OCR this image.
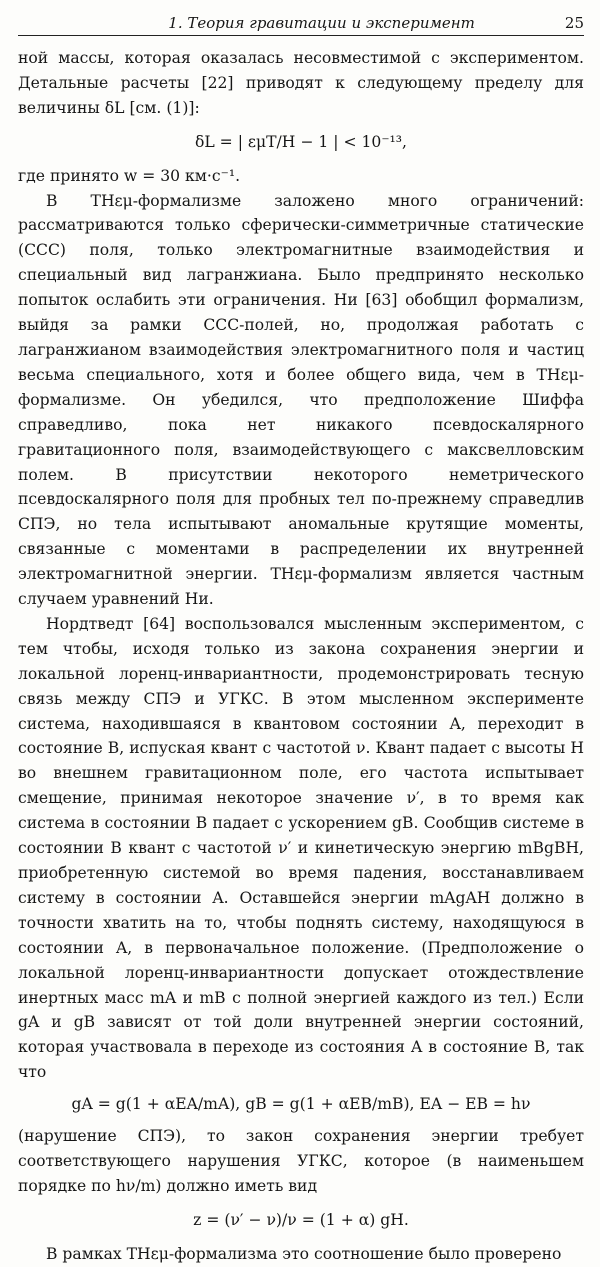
1. Теория гравитации и эксперимент	25

ной массы, которая оказалась несовместимой с экспериментом. Детальные расчеты [22] приводят к следующему пределу для величины δL [см. (1)]:

δL = | εμT/H − 1 | < 10⁻¹³,

где принято w = 30 км·с⁻¹.

В THεμ-формализме заложено много ограничений: рассматриваются только сферически-симметричные статические (ССС) поля, только электромагнитные взаимодействия и специальный вид лагранжиана. Было предпринято несколько попыток ослабить эти ограничения. Ни [63] обобщил формализм, выйдя за рамки ССС-полей, но, продолжая работать с лагранжианом взаимодействия электромагнитного поля и частиц весьма специального, хотя и более общего вида, чем в THεμ-формализме. Он убедился, что предположение Шиффа справедливо, пока нет никакого псевдоскалярного гравитационного поля, взаимодействующего с максвелловским полем. В присутствии некоторого неметрического псевдоскалярного поля для пробных тел по-прежнему справедлив СПЭ, но тела испытывают аномальные крутящие моменты, связанные с моментами в распределении их внутренней электромагнитной энергии. THεμ-формализм является частным случаем уравнений Ни.

Нордтведт [64] воспользовался мысленным экспериментом, с тем чтобы, исходя только из закона сохранения энергии и локальной лоренц-инвариантности, продемонстрировать тесную связь между СПЭ и УГКС. В этом мысленном эксперименте система, находившаяся в квантовом состоянии A, переходит в состояние B, испуская квант с частотой ν. Квант падает с высоты H во внешнем гравитационном поле, его частота испытывает смещение, принимая некоторое значение ν′, в то время как система в состоянии B падает с ускорением gB. Сообщив системе в состоянии B квант с частотой ν′ и кинетическую энергию mBgBH, приобретенную системой во время падения, восстанавливаем систему в состоянии A. Оставшейся энергии mAgAH должно в точности хватить на то, чтобы поднять систему, находящуюся в состоянии A, в первоначальное положение. (Предположение о локальной лоренц-инвариантности допускает отождествление инертных масс mA и mB с полной энергией каждого из тел.) Если gA и gB зависят от той доли внутренней энергии состояний, которая участвовала в переходе из состояния A в состояние B, так что

gA = g(1 + αEA/mA), gB = g(1 + αEB/mB), EA − EB = hν

(нарушение СПЭ), то закон сохранения энергии требует соответствующего нарушения УГКС, которое (в наименьшем порядке по hν/m) должно иметь вид

z = (ν′ − ν)/ν = (1 + α) gH.

В рамках THεμ-формализма это соотношение было проверено
